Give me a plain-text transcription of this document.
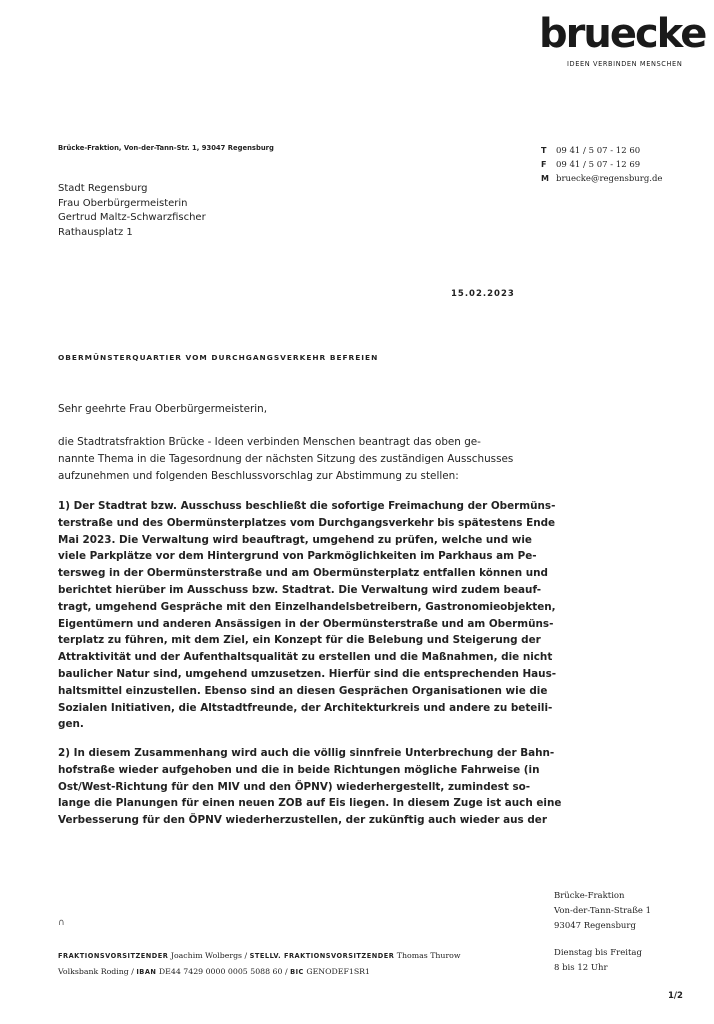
bruecke
IDEEN VERBINDEN MENSCHEN
Brücke-Fraktion, Von-der-Tann-Str. 1, 93047 Regensburg	T 09 41 / 5 07 - 12 60
F 09 41 / 5 07 - 12 69
M bruecke@regensburg.de
Stadt Regensburg
Frau Oberbürgermeisterin
Gertrud Maltz-Schwarzfischer
Rathausplatz 1
15.02.2023
OBERMÜNSTERQUARTIER VOM DURCHGANGSVERKEHR BEFREIEN
Sehr geehrte Frau Oberbürgermeisterin,
die Stadtratsfraktion Brücke - Ideen verbinden Menschen beantragt das oben ge-
nannte Thema in die Tagesordnung der nächsten Sitzung des zuständigen Ausschusses
aufzunehmen und folgenden Beschlussvorschlag zur Abstimmung zu stellen:
1) Der Stadtrat bzw. Ausschuss beschließt die sofortige Freimachung der Obermüns-
terstraße und des Obermünsterplatzes vom Durchgangsverkehr bis spätestens Ende
Mai 2023. Die Verwaltung wird beauftragt, umgehend zu prüfen, welche und wie
viele Parkplätze vor dem Hintergrund von Parkmöglichkeiten im Parkhaus am Pe-
tersweg in der Obermünsterstraße und am Obermünsterplatz entfallen können und
berichtet hierüber im Ausschuss bzw. Stadtrat. Die Verwaltung wird zudem beauf-
tragt, umgehend Gespräche mit den Einzelhandelsbetreibern, Gastronomieobjekten,
Eigentümern und anderen Ansässigen in der Obermünsterstraße und am Obermüns-
terplatz zu führen, mit dem Ziel, ein Konzept für die Belebung und Steigerung der
Attraktivität und der Aufenthaltsqualität zu erstellen und die Maßnahmen, die nicht
baulicher Natur sind, umgehend umzusetzen. Hierfür sind die entsprechenden Haus-
haltsmittel einzustellen. Ebenso sind an diesen Gesprächen Organisationen wie die
Sozialen Initiativen, die Altstadtfreunde, der Architekturkreis und andere zu beteili-
gen.
2) In diesem Zusammenhang wird auch die völlig sinnfreie Unterbrechung der Bahn-
hofstraße wieder aufgehoben und die in beide Richtungen mögliche Fahrweise (in
Ost/West-Richtung für den MIV und den ÖPNV) wiederhergestellt, zumindest so-
lange die Planungen für einen neuen ZOB auf Eis liegen. In diesem Zuge ist auch eine
Verbesserung für den ÖPNV wiederherzustellen, der zukünftig auch wieder aus der
∩
Brücke-Fraktion
Von-der-Tann-Straße 1
93047 Regensburg
FRAKTIONSVORSITZENDER Joachim Wolbergs / STELLV. FRAKTIONSVORSITZENDER Thomas Thurow
Volksbank Roding / IBAN DE44 7429 0000 0005 5088 60 / BIC GENODEF1SR1
Dienstag bis Freitag
8 bis 12 Uhr
1/2
